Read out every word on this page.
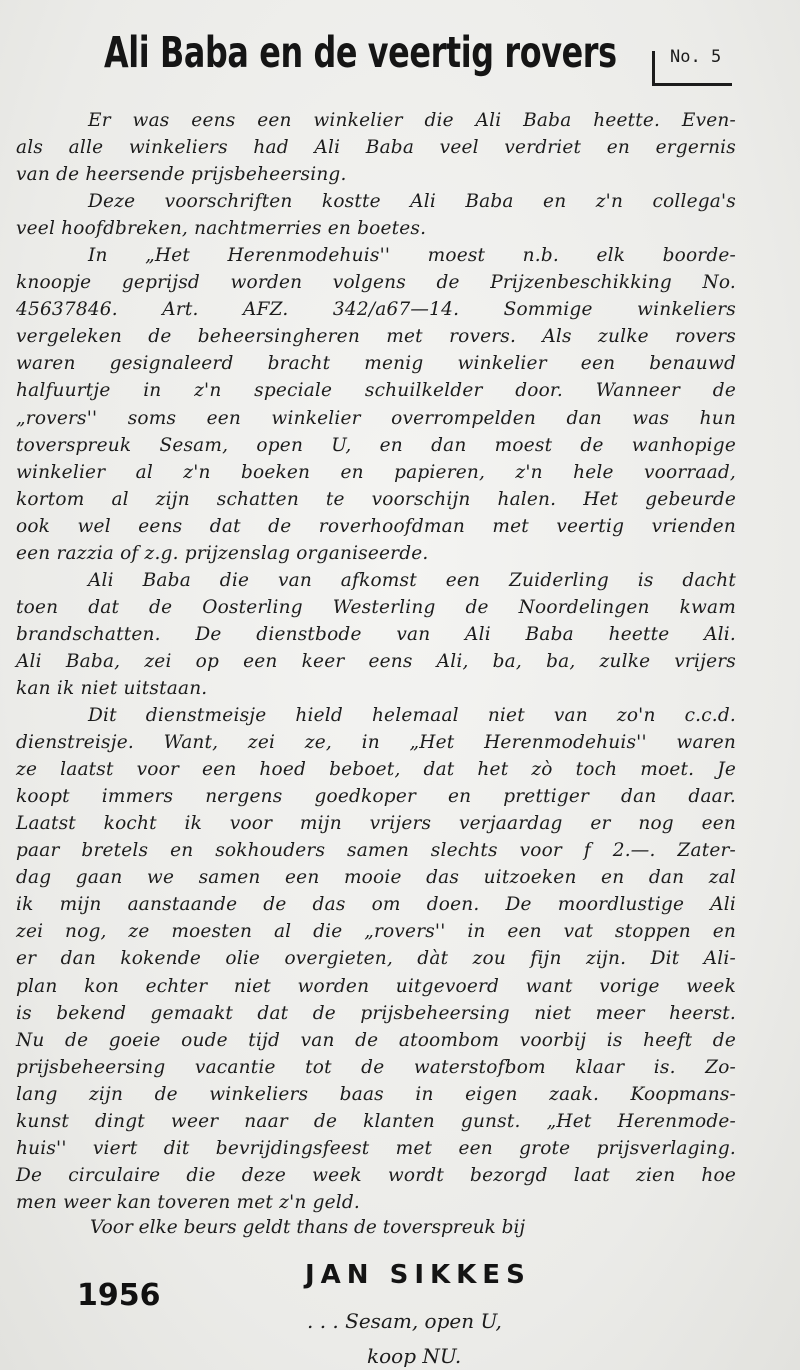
Ali Baba en de veertig rovers	No. 5
Er was eens een winkelier die Ali Baba heette. Even-
als alle winkeliers had Ali Baba veel verdriet en ergernis
van de heersende prijsbeheersing.
Deze voorschriften kostte Ali Baba en z'n collega's
veel hoofdbreken, nachtmerries en boetes.
In „Het Herenmodehuis'' moest n.b. elk boorde-
knoopje geprijsd worden volgens de Prijzenbeschikking No.
45637846. Art. AFZ. 342/a67—14. Sommige winkeliers
vergeleken de beheersingheren met rovers. Als zulke rovers
waren gesignaleerd bracht menig winkelier een benauwd
halfuurtje in z'n speciale schuilkelder door. Wanneer de
„rovers'' soms een winkelier overrompelden dan was hun
toverspreuk Sesam, open U, en dan moest de wanhopige
winkelier al z'n boeken en papieren, z'n hele voorraad,
kortom al zijn schatten te voorschijn halen. Het gebeurde
ook wel eens dat de roverhoofdman met veertig vrienden
een razzia of z.g. prijzenslag organiseerde.
Ali Baba die van afkomst een Zuiderling is dacht
toen dat de Oosterling Westerling de Noordelingen kwam
brandschatten. De dienstbode van Ali Baba heette Ali.
Ali Baba, zei op een keer eens Ali, ba, ba, zulke vrijers
kan ik niet uitstaan.
Dit dienstmeisje hield helemaal niet van zo'n c.c.d.
dienstreisje. Want, zei ze, in „Het Herenmodehuis'' waren
ze laatst voor een hoed beboet, dat het zò toch moet. Je
koopt immers nergens goedkoper en prettiger dan daar.
Laatst kocht ik voor mijn vrijers verjaardag er nog een
paar bretels en sokhouders samen slechts voor f 2.—. Zater-
dag gaan we samen een mooie das uitzoeken en dan zal
ik mijn aanstaande de das om doen. De moordlustige Ali
zei nog, ze moesten al die „rovers'' in een vat stoppen en
er dan kokende olie overgieten, dàt zou fijn zijn. Dit Ali-
plan kon echter niet worden uitgevoerd want vorige week
is bekend gemaakt dat de prijsbeheersing niet meer heerst.
Nu de goeie oude tijd van de atoombom voorbij is heeft de
prijsbeheersing vacantie tot de waterstofbom klaar is. Zo-
lang zijn de winkeliers baas in eigen zaak. Koopmans-
kunst dingt weer naar de klanten gunst. „Het Herenmode-
huis'' viert dit bevrijdingsfeest met een grote prijsverlaging.
De circulaire die deze week wordt bezorgd laat zien hoe
men weer kan toveren met z'n geld.
Voor elke beurs geldt thans de toverspreuk bij
1956
JAN SIKKES
. . . Sesam, open U,
koop NU.
